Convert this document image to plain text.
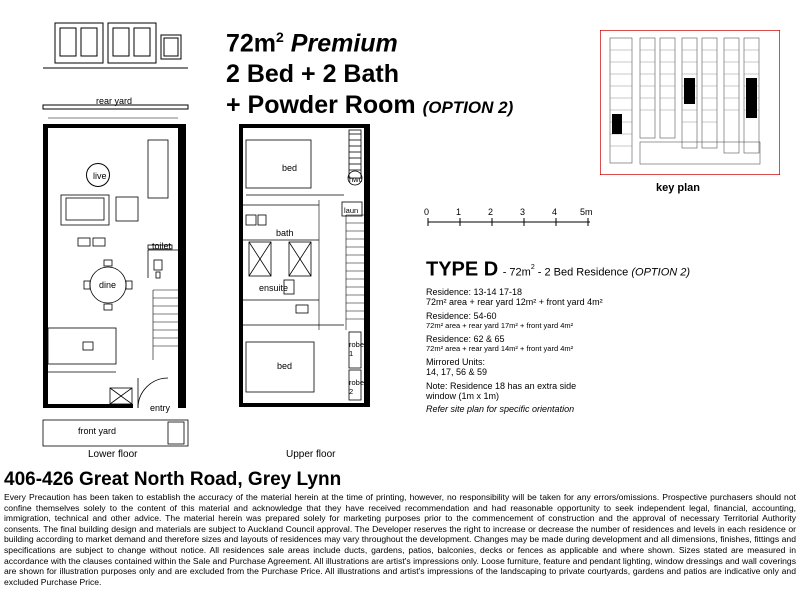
$72m^2$ Premium
2 Bed + 2 Bath
+ Powder Room (OPTION 2)
rear yard
live
toilet
dine
entry
front yard
Lower floor
bed
hwc
laun
bath
ensuite
robe 1
bed
robe 2
Upper floor
0	1	2	3	4	5m
key plan
TYPE D - $72m^2 - 2$ Bed Residence (OPTION 2)
Residence: 13-14 17-18
72m² area + rear yard 12m² + front yard 4m²
Residence: 54-60
72m² area + rear yard 17m² + front yard 4m²
Residence: 62 & 65
72m² area + rear yard 14m² + front yard 4m²
Mirrored Units:
14, 17, 56 & 59
Note: Residence 18 has an extra side
window (1m x 1m)
Refer site plan for specific orientation
406-426 Great North Road, Grey Lynn
Every Precaution has been taken to establish the accuracy of the material herein at the time of printing, however, no responsibility will be taken for any errors/omissions. Prospective purchasers should not confine themselves solely to the content of this material and acknowledge that they have received recommendation and had reasonable opportunity to seek independent legal, financial, accounting, immigration, technical and other advice. The material herein was prepared solely for marketing purposes prior to the commencement of construction and the approval of necessary Territorial Authority consents. The final building design and materials are subject to Auckland Council approval. The Developer reserves the right to increase or decrease the number of residences and levels in each residence or building according to market demand and therefore sizes and layouts of residences may vary throughout the development. Changes may be made during development and all dimensions, finishes, fittings and specifications are subject to change without notice. All residences sale areas include ducts, gardens, patios, balconies, decks or fences as applicable and where shown. Sizes stated are measured in accordance with the clauses contained within the Sale and Purchase Agreement. All illustrations are artist's impressions only. Loose furniture, feature and pendant lighting, window dressings and wall coverings are shown for illustration purposes only and are excluded from the Purchase Price. All illustrations and artist's impressions of the landscaping to private courtyards, gardens and patios are indicative only and excluded Purchase Price.
